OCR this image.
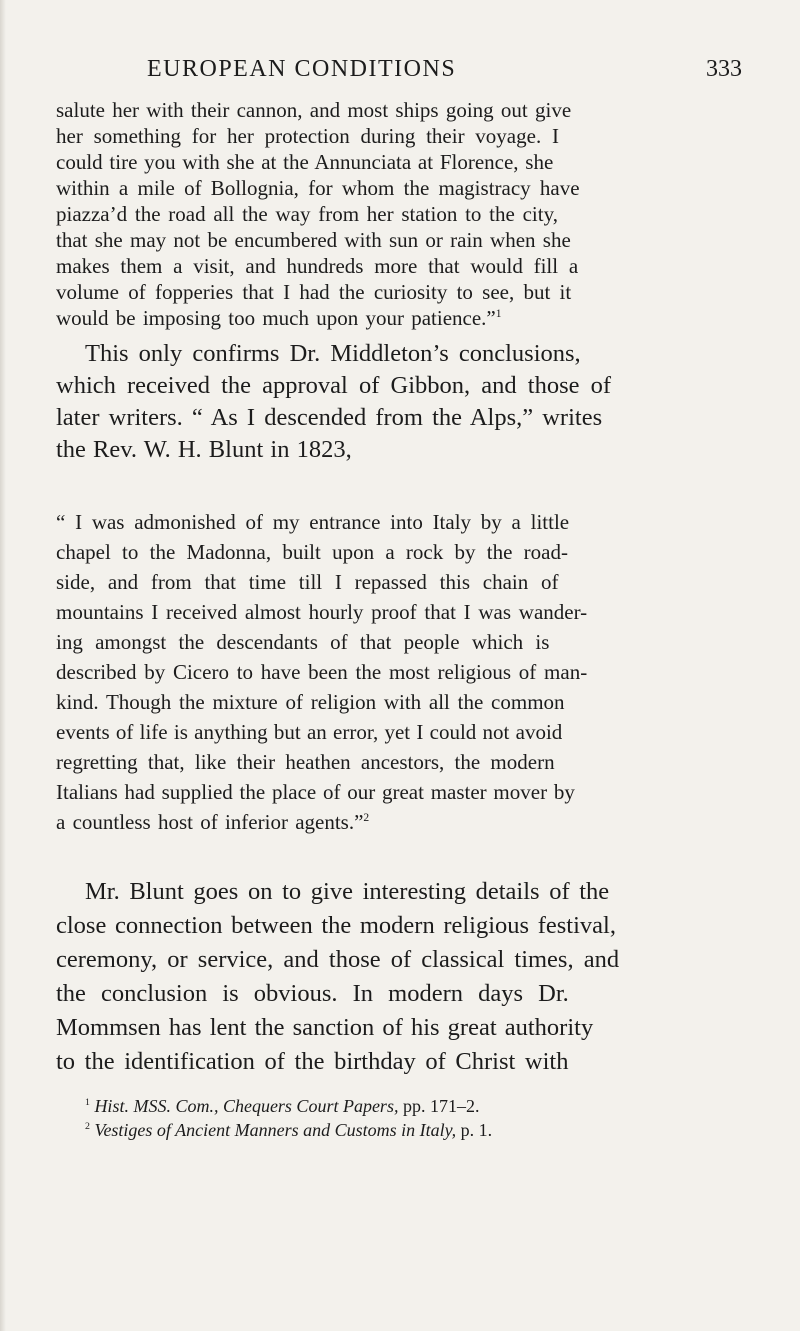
EUROPEAN CONDITIONS	333
salute her with their cannon, and most ships going out give
her something for her protection during their voyage. I
could tire you with she at the Annunciata at Florence, she
within a mile of Bollognia, for whom the magistracy have
piazza’d the road all the way from her station to the city,
that she may not be encumbered with sun or rain when she
makes them a visit, and hundreds more that would fill a
volume of fopperies that I had the curiosity to see, but it
would be imposing too much upon your patience.”$^1$
This only confirms Dr. Middleton’s conclusions,
which received the approval of Gibbon, and those of
later writers. “ As I descended from the Alps,” writes
the Rev. W. H. Blunt in 1823,
“ I was admonished of my entrance into Italy by a little
chapel to the Madonna, built upon a rock by the road-
side, and from that time till I repassed this chain of
mountains I received almost hourly proof that I was wander-
ing amongst the descendants of that people which is
described by Cicero to have been the most religious of man-
kind. Though the mixture of religion with all the common
events of life is anything but an error, yet I could not avoid
regretting that, like their heathen ancestors, the modern
Italians had supplied the place of our great master mover by
a countless host of inferior agents.”$^2$
Mr. Blunt goes on to give interesting details of the
close connection between the modern religious festival,
ceremony, or service, and those of classical times, and
the conclusion is obvious. In modern days Dr.
Mommsen has lent the sanction of his great authority
to the identification of the birthday of Christ with
$^1$ Hist. MSS. Com., Chequers Court Papers, pp. 171–2.
$^2$ Vestiges of Ancient Manners and Customs in Italy, p. 1.
